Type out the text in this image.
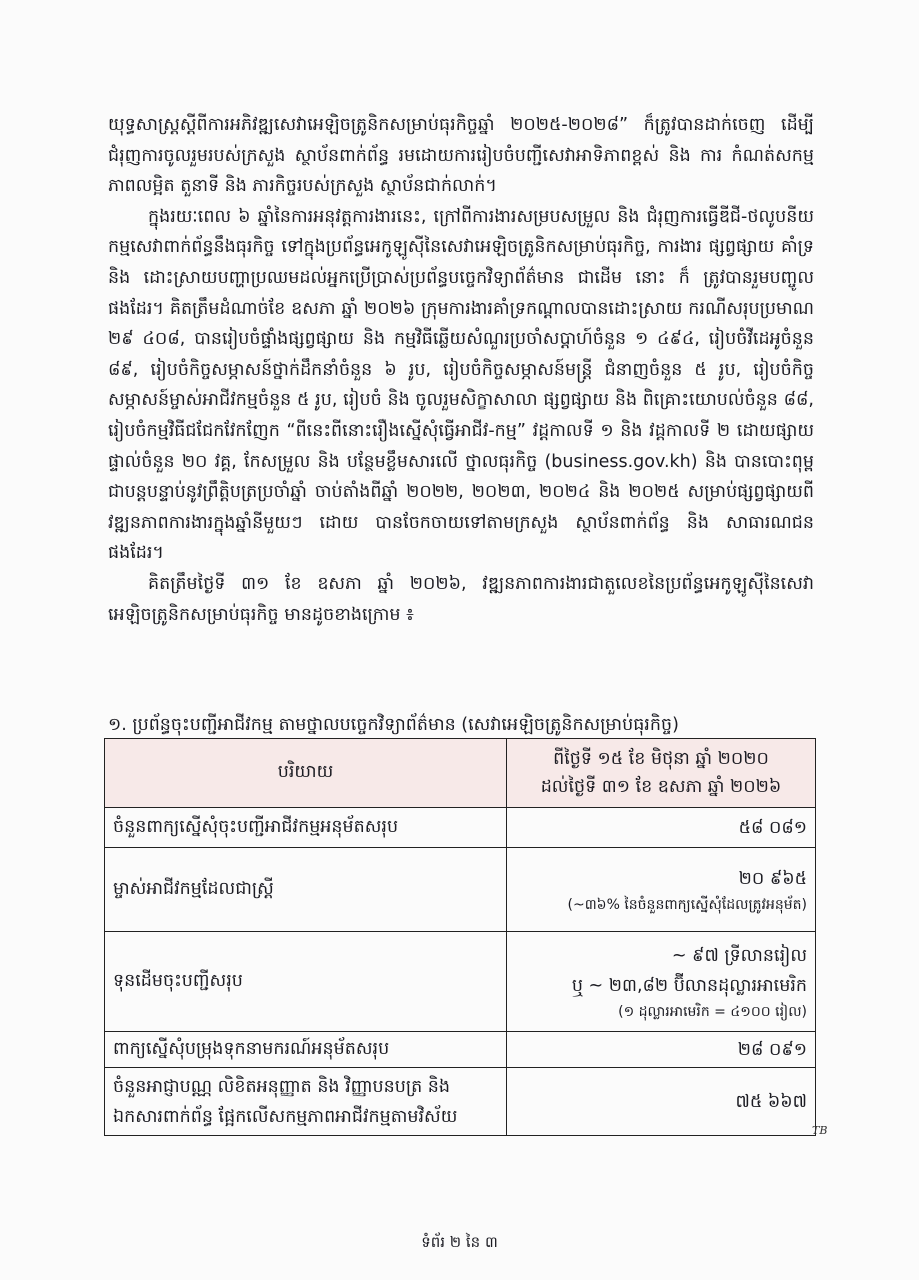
យុទ្ធសាស្ត្រស្តីពីការអភិវឌ្ឍសេវាអេឡិចត្រូនិកសម្រាប់ធុរកិច្ចឆ្នាំ ២០២៥-២០២៨” ក៏ត្រូវបានដាក់ចេញ ដើម្បីជំរុញការចូលរួមរបស់ក្រសួង ស្ថាប័នពាក់ព័ន្ធ រមដោយការរៀបចំបញ្ជីសេវាអាទិភាពខ្ពស់ និង ការ កំណត់សកម្មភាពលម្អិត តួនាទី និង ភារកិច្ចរបស់ក្រសួង ស្ថាប័នជាក់លាក់។

ក្នុងរយៈពេល ៦ ឆ្នាំនៃការអនុវត្តការងារនេះ, ក្រៅពីការងារសម្របសម្រួល និង ជំរុញការធ្វើឌីជី-ថលូបនីយកម្មសេវាពាក់ព័ន្ធនឹងធុរកិច្ច ទៅក្នុងប្រព័ន្ធអេកូឡូស៊ីនៃសេវាអេឡិចត្រូនិកសម្រាប់ធុរកិច្ច, ការងារ ផ្សព្វផ្សាយ គាំទ្រ និង ដោះស្រាយបញ្ហាប្រឈមដល់អ្នកប្រើប្រាស់ប្រព័ន្ធបច្ចេកវិទ្យាព័ត៌មាន ជាដើម នោះ ក៏ ត្រូវបានរួមបញ្ចូលផងដែរ។ គិតត្រឹមដំណាច់ខែ ឧសភា ឆ្នាំ ២០២៦ ក្រុមការងារគាំទ្រកណ្តាលបានដោះស្រាយ ករណីសរុបប្រមាណ ២៩ ៤០៨, បានរៀបចំផ្ទាំងផ្សព្វផ្សាយ និង កម្មវិធីឆ្លើយសំណួរប្រចាំសប្តាហ៍ចំនួន ១ ៤៩៤, រៀបចំវីដេអូចំនួន ៨៩, រៀបចំកិច្ចសម្ភាសន៍ថ្នាក់ដឹកនាំចំនួន ៦ រូប, រៀបចំកិច្ចសម្ភាសន៍មន្ត្រី ជំនាញចំនួន ៥ រូប, រៀបចំកិច្ចសម្ភាសន៍ម្ចាស់អាជីវកម្មចំនួន ៥ រូប, រៀបចំ និង ចូលរួមសិក្ខាសាលា ផ្សព្វផ្សាយ និង ពិគ្រោះយោបល់ចំនួន ៨៨, រៀបចំកម្មវិធីជជែកវែកញែក “ពីនេះពីនោះរឿងស្នើសុំធ្វើអាជីវ-កម្ម” វដ្តកាលទី ១ និង វដ្តកាលទី ២ ដោយផ្សាយផ្ទាល់ចំនួន ២០ វគ្គ, កែសម្រួល និង បន្ថែមខ្លឹមសារលើ ថ្នាលធុរកិច្ច (business.gov.kh) និង បានបោះពុម្ពជាបន្តបន្ទាប់នូវព្រឹត្តិបត្រប្រចាំឆ្នាំ ចាប់តាំងពីឆ្នាំ ២០២២, ២០២៣, ២០២៤ និង ២០២៥ សម្រាប់ផ្សព្វផ្សាយពីវឌ្ឍនភាពការងារក្នុងឆ្នាំនីមួយៗ ដោយ បានចែកចាយទៅតាមក្រសួង ស្ថាប័នពាក់ព័ន្ធ និង សាធារណជន ផងដែរ។

គិតត្រឹមថ្ងៃទី ៣១ ខែ ឧសភា ឆ្នាំ ២០២៦, វឌ្ឍនភាពការងារជាតួលេខនៃប្រព័ន្ធអេកូឡូស៊ីនៃសេវា អេឡិចត្រូនិកសម្រាប់ធុរកិច្ច មានដូចខាងក្រោម ៖

១. ប្រព័ន្ធចុះបញ្ជីអាជីវកម្ម តាមថ្នាលបច្ចេកវិទ្យាព័ត៌មាន (សេវាអេឡិចត្រូនិកសម្រាប់ធុរកិច្ច)
បរិយាយ	ពីថ្ងៃទី ១៥ ខែ មិថុនា ឆ្នាំ ២០២០
ដល់ថ្ងៃទី ៣១ ខែ ឧសភា ឆ្នាំ ២០២៦

ចំនួនពាក្យស្នើសុំចុះបញ្ជីអាជីវកម្មអនុម័តសរុប	៥៨ ០៨១
ម្ចាស់អាជីវកម្មដែលជាស្ត្រី	២០ ៩៦៥
(~៣៦% នៃចំនួនពាក្យស្នើសុំដែលត្រូវអនុម័ត)

ទុនដើមចុះបញ្ជីសរុប	~ ៩៧ ទ្រីលានរៀល
ឬ ~ ២៣,៨២ ប៊ីលានដុល្លារអាមេរិក
(១ ដុល្លារអាមេរិក = ៤១០០ រៀល)

ពាក្យស្នើសុំបម្រុងទុកនាមករណ៍អនុម័តសរុប	២៨ ០៩១

ចំនួនអាជ្ញាបណ្ណ លិខិតអនុញ្ញាត និង វិញ្ញាបនបត្រ និង
ឯកសារពាក់ព័ន្ធ ផ្អែកលើសកម្មភាពអាជីវកម្មតាមវិស័យ	៧៥ ៦៦៧
TB
ទំព័រ ២ នៃ ៣
